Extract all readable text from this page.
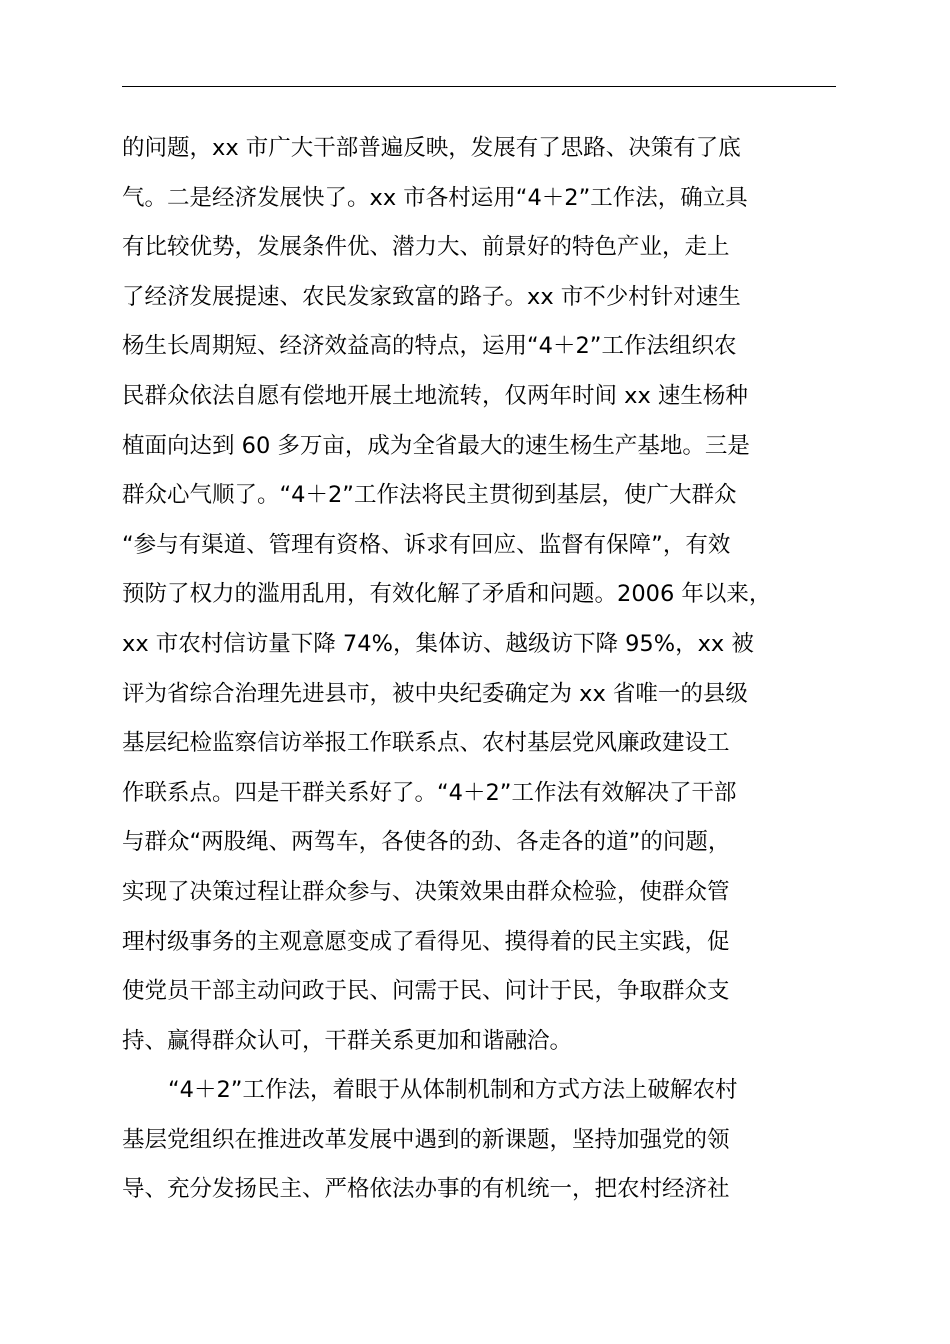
的问题，xx 市广大干部普遍反映，发展有了思路、决策有了底
气。二是经济发展快了。xx 市各村运用“4＋2”工作法，确立具
有比较优势，发展条件优、潜力大、前景好的特色产业，走上
了经济发展提速、农民发家致富的路子。xx 市不少村针对速生
杨生长周期短、经济效益高的特点，运用“4＋2”工作法组织农
民群众依法自愿有偿地开展土地流转，仅两年时间 xx 速生杨种
植面向达到 60 多万亩，成为全省最大的速生杨生产基地。三是
群众心气顺了。“4＋2”工作法将民主贯彻到基层，使广大群众
“参与有渠道、管理有资格、诉求有回应、监督有保障”，有效
预防了权力的滥用乱用，有效化解了矛盾和问题。2006 年以来，
xx 市农村信访量下降 74%，集体访、越级访下降 95%，xx 被
评为省综合治理先进县市，被中央纪委确定为 xx 省唯一的县级
基层纪检监察信访举报工作联系点、农村基层党风廉政建设工
作联系点。四是干群关系好了。“4＋2”工作法有效解决了干部
与群众“两股绳、两驾车，各使各的劲、各走各的道”的问题，
实现了决策过程让群众参与、决策效果由群众检验，使群众管
理村级事务的主观意愿变成了看得见、摸得着的民主实践，促
使党员干部主动问政于民、问需于民、问计于民，争取群众支
持、赢得群众认可，干群关系更加和谐融洽。
“4＋2”工作法，着眼于从体制机制和方式方法上破解农村
基层党组织在推进改革发展中遇到的新课题，坚持加强党的领
导、充分发扬民主、严格依法办事的有机统一，把农村经济社
